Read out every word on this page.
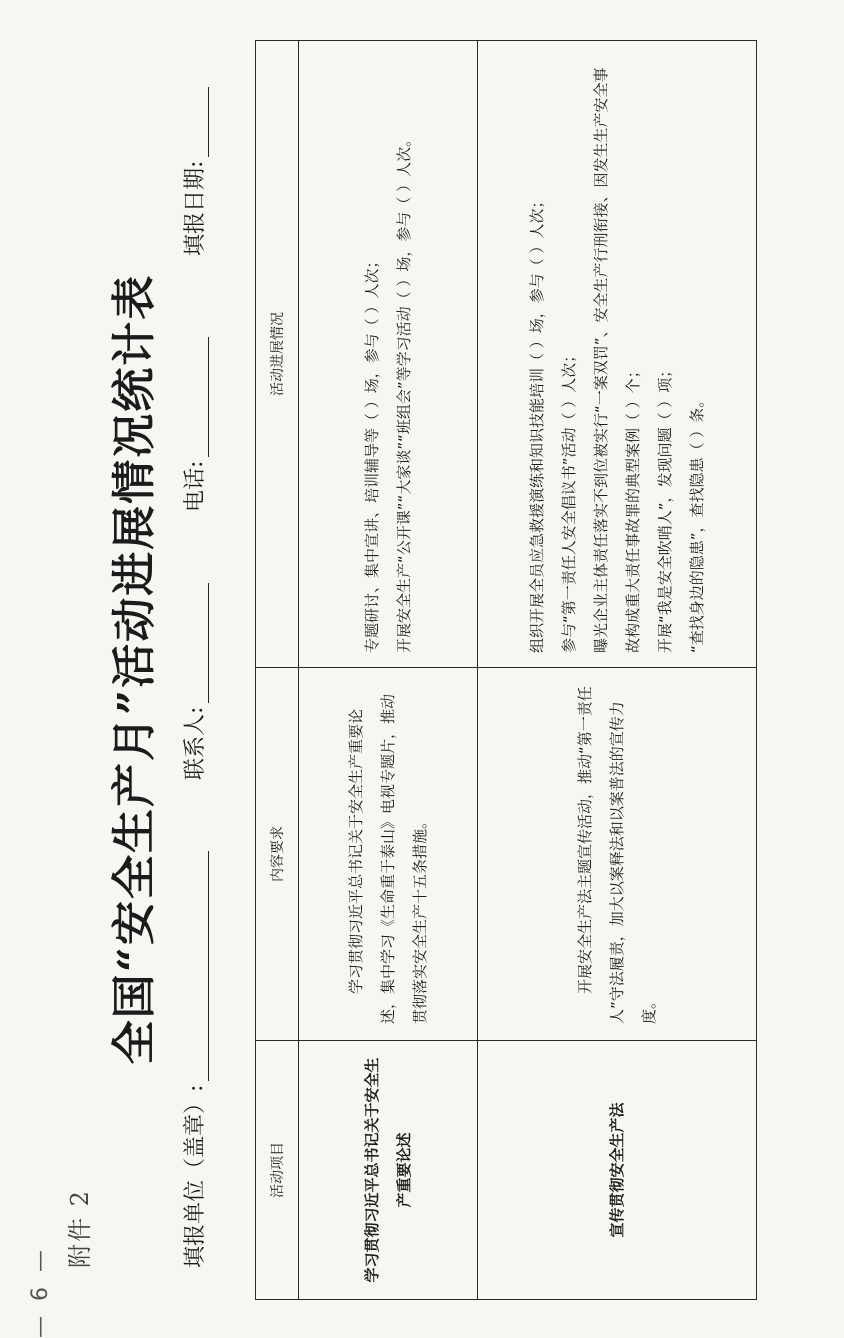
— 6 —
附件 2
全国“安全生产月”活动进展情况统计表
填报单位（盖章）:
联系人:
电话:
填报日期:
活动项目	内容要求	活动进展情况
学习贯彻习近平总书记关于安全生产重要论述	学习贯彻习近平总书记关于安全生产重要论述，集中学习《生命重于泰山》电视专题片，推动贯彻落实安全生产十五条措施。	专题研讨、集中宣讲、培训辅导等（ ）场，参与（ ）人次； 开展安全生产“公开课”“大家谈”“班组会”等学习活动（ ）场，参与（ ）人次。

宣传贯彻安全生产法	开展安全生产法主题宣传活动，推动“第一责任人”守法履责，加大以案释法和以案普法的宣传力度。	组织开展全员应急救援演练和知识技能培训（ ）场，参与（ ）人次； 参与“第一责任人安全倡议书”活动（ ）人次； 曝光企业主体责任落实不到位被实行“一案双罚”、安全生产行刑衔接、因发生生产安全事故构成重大责任事故罪的典型案例（ ）个； 开展“我是安全吹哨人”，发现问题（ ）项； “查找身边的隐患”，查找隐患（ ）条。
